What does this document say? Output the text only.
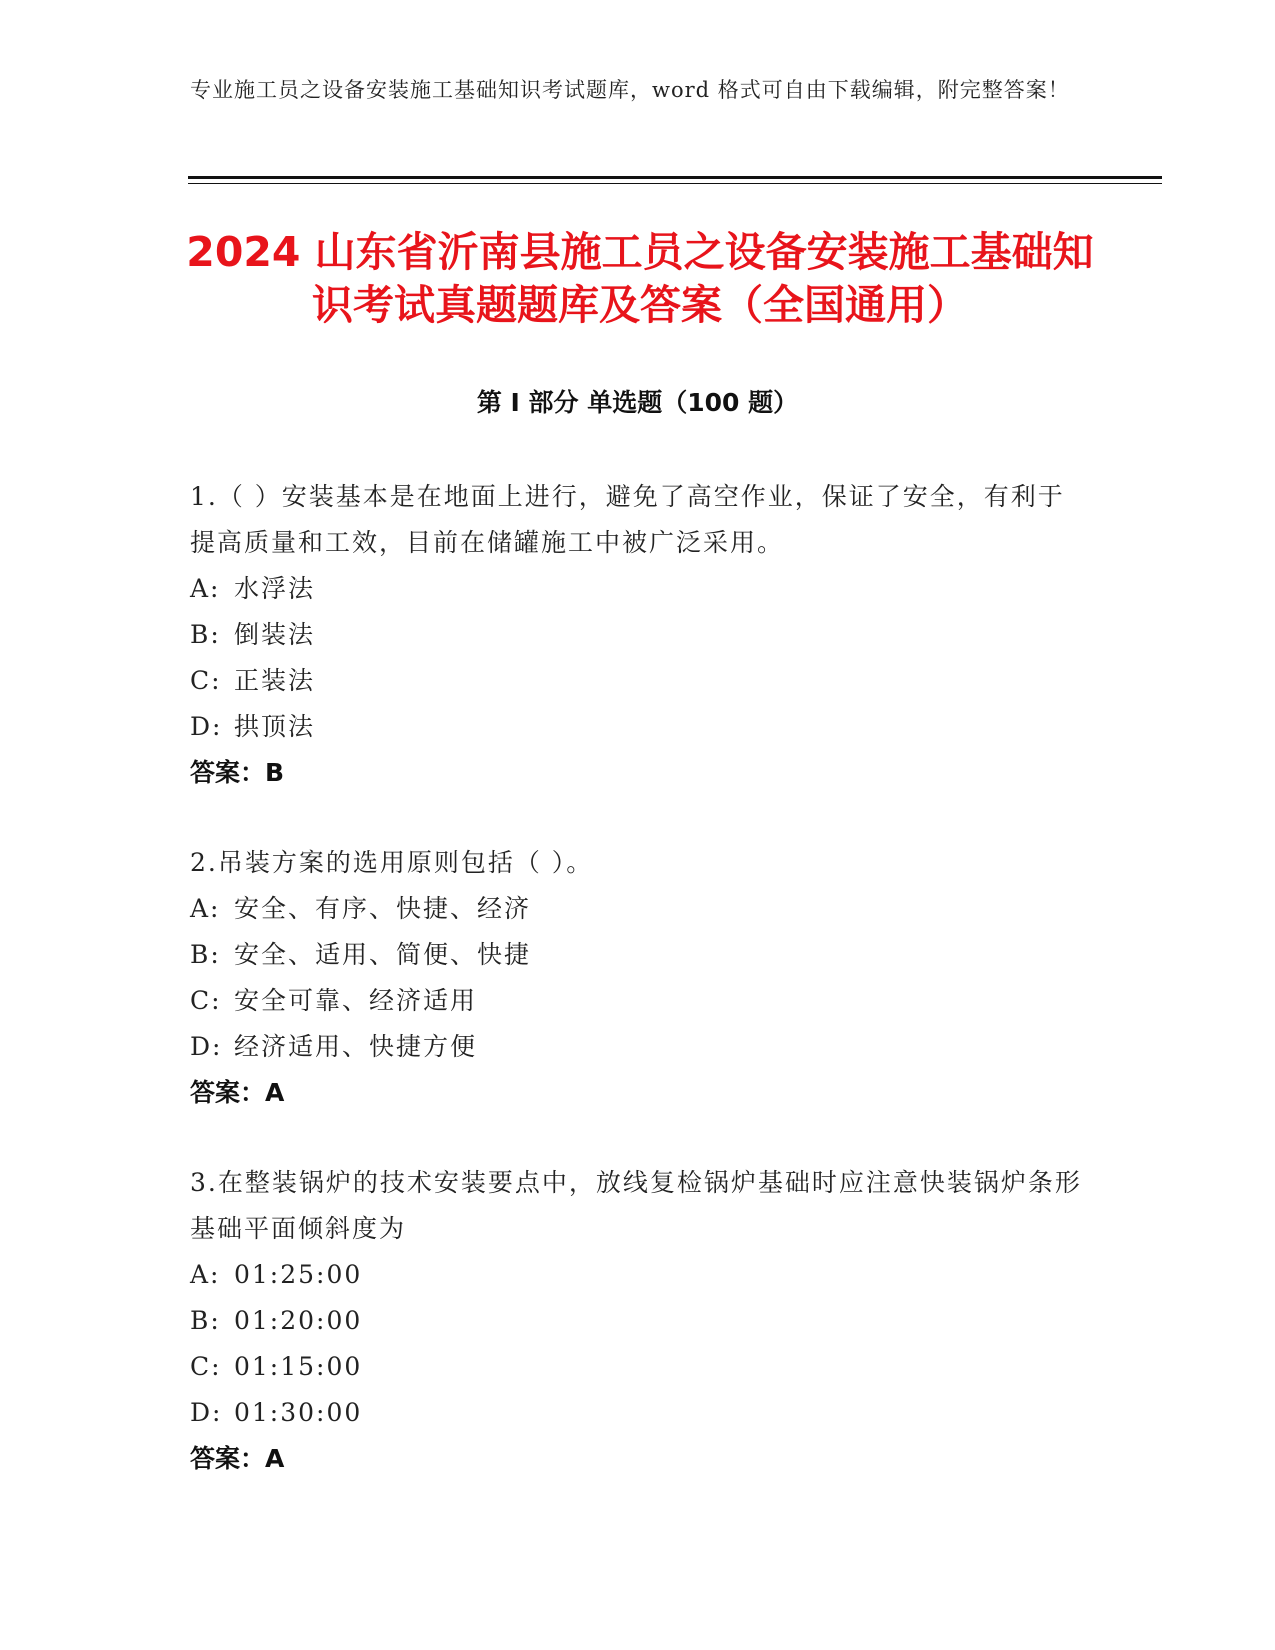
专业施工员之设备安装施工基础知识考试题库，word 格式可自由下载编辑，附完整答案！
2024 山东省沂南县施工员之设备安装施工基础知识考试真题题库及答案（全国通用）
第 I 部分 单选题（100 题）
1.（ ）安装基本是在地面上进行，避免了高空作业，保证了安全，有利于提高质量和工效，目前在储罐施工中被广泛采用。
A: 水浮法
B: 倒装法
C: 正装法
D: 拱顶法
答案：B
2.吊装方案的选用原则包括（ ）。
A: 安全、有序、快捷、经济
B: 安全、适用、简便、快捷
C: 安全可靠、经济适用
D: 经济适用、快捷方便
答案：A
3.在整装锅炉的技术安装要点中，放线复检锅炉基础时应注意快装锅炉条形基础平面倾斜度为
A: 01:25:00
B: 01:20:00
C: 01:15:00
D: 01:30:00
答案：A
